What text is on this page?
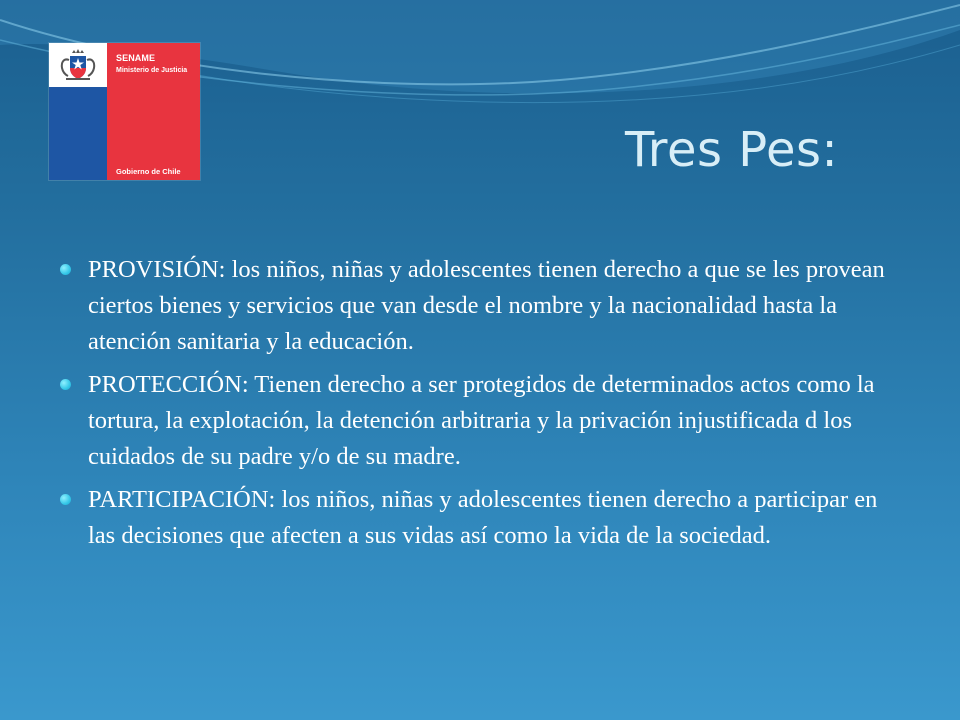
SENAME
Ministerio de Justicia
Gobierno de Chile	Tres Pes:
PROVISIÓN: los niños, niñas y adolescentes tienen derecho a que se les provean ciertos bienes y servicios que van desde el nombre y la nacionalidad hasta la atención sanitaria y la educación.
PROTECCIÓN: Tienen derecho a ser protegidos de determinados actos como la tortura, la explotación, la detención arbitraria y la privación injustificada d los cuidados de su padre y/o de su madre.
PARTICIPACIÓN: los niños, niñas y adolescentes tienen derecho a participar en las decisiones que afecten a sus vidas así como la vida de la sociedad.
